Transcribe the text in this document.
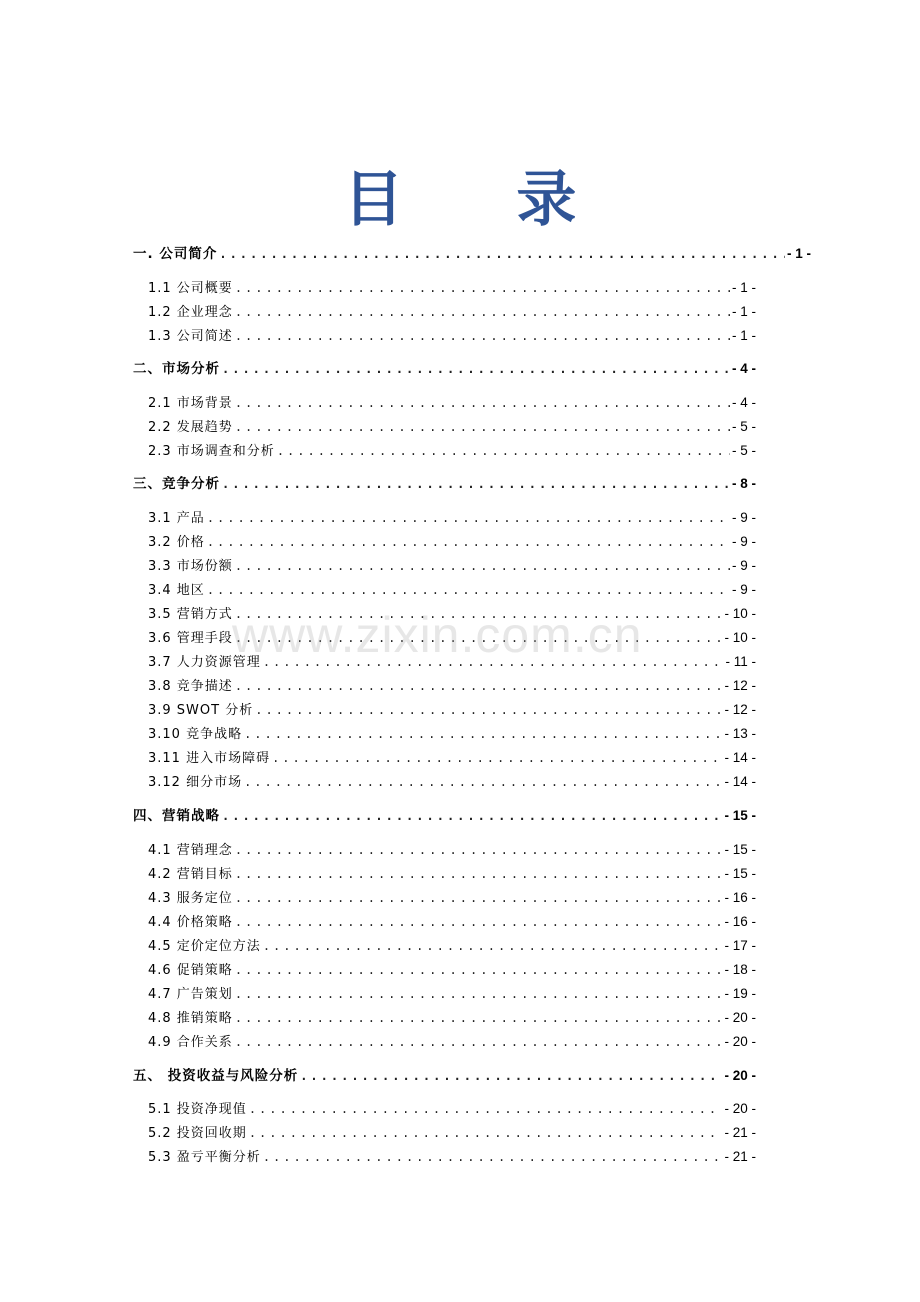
目 录
一. 公司简介 .....	- 1 -
1.1 公司概要 .....	- 1 -
1.2 企业理念 .....	- 1 -
1.3 公司简述 .....	- 1 -
二、市场分析 .....	- 4 -
2.1 市场背景 .....	- 4 -
2.2 发展趋势 .....	- 5 -
2.3 市场调查和分析 .....	- 5 -
三、竞争分析 .....	- 8 -
3.1 产品 .....	- 9 -
3.2 价格 .....	- 9 -
3.3 市场份额 .....	- 9 -
3.4 地区 .....	- 9 -
3.5 营销方式 .....	- 10 -
3.6 管理手段 .....	- 10 -
3.7 人力资源管理 .....	- 11 -
3.8 竞争描述 .....	- 12 -
3.9 SWOT 分析 .....	- 12 -
3.10 竞争战略 .....	- 13 -
3.11 进入市场障碍 .....	- 14 -
3.12 细分市场 .....	- 14 -
四、营销战略 .....	- 15 -
4.1 营销理念 .....	- 15 -
4.2 营销目标 .....	- 15 -
4.3 服务定位 .....	- 16 -
4.4 价格策略 .....	- 16 -
4.5 定价定位方法 .....	- 17 -
4.6 促销策略 .....	- 18 -
4.7 广告策划 .....	- 19 -
4.8 推销策略 .....	- 20 -
4.9 合作关系 .....	- 20 -
五、 投资收益与风险分析 .....	- 20 -
5.1 投资净现值 .....	- 20 -
5.2 投资回收期 .....	- 21 -
5.3 盈亏平衡分析 .....	- 21 -
www.zixin.com.cn
